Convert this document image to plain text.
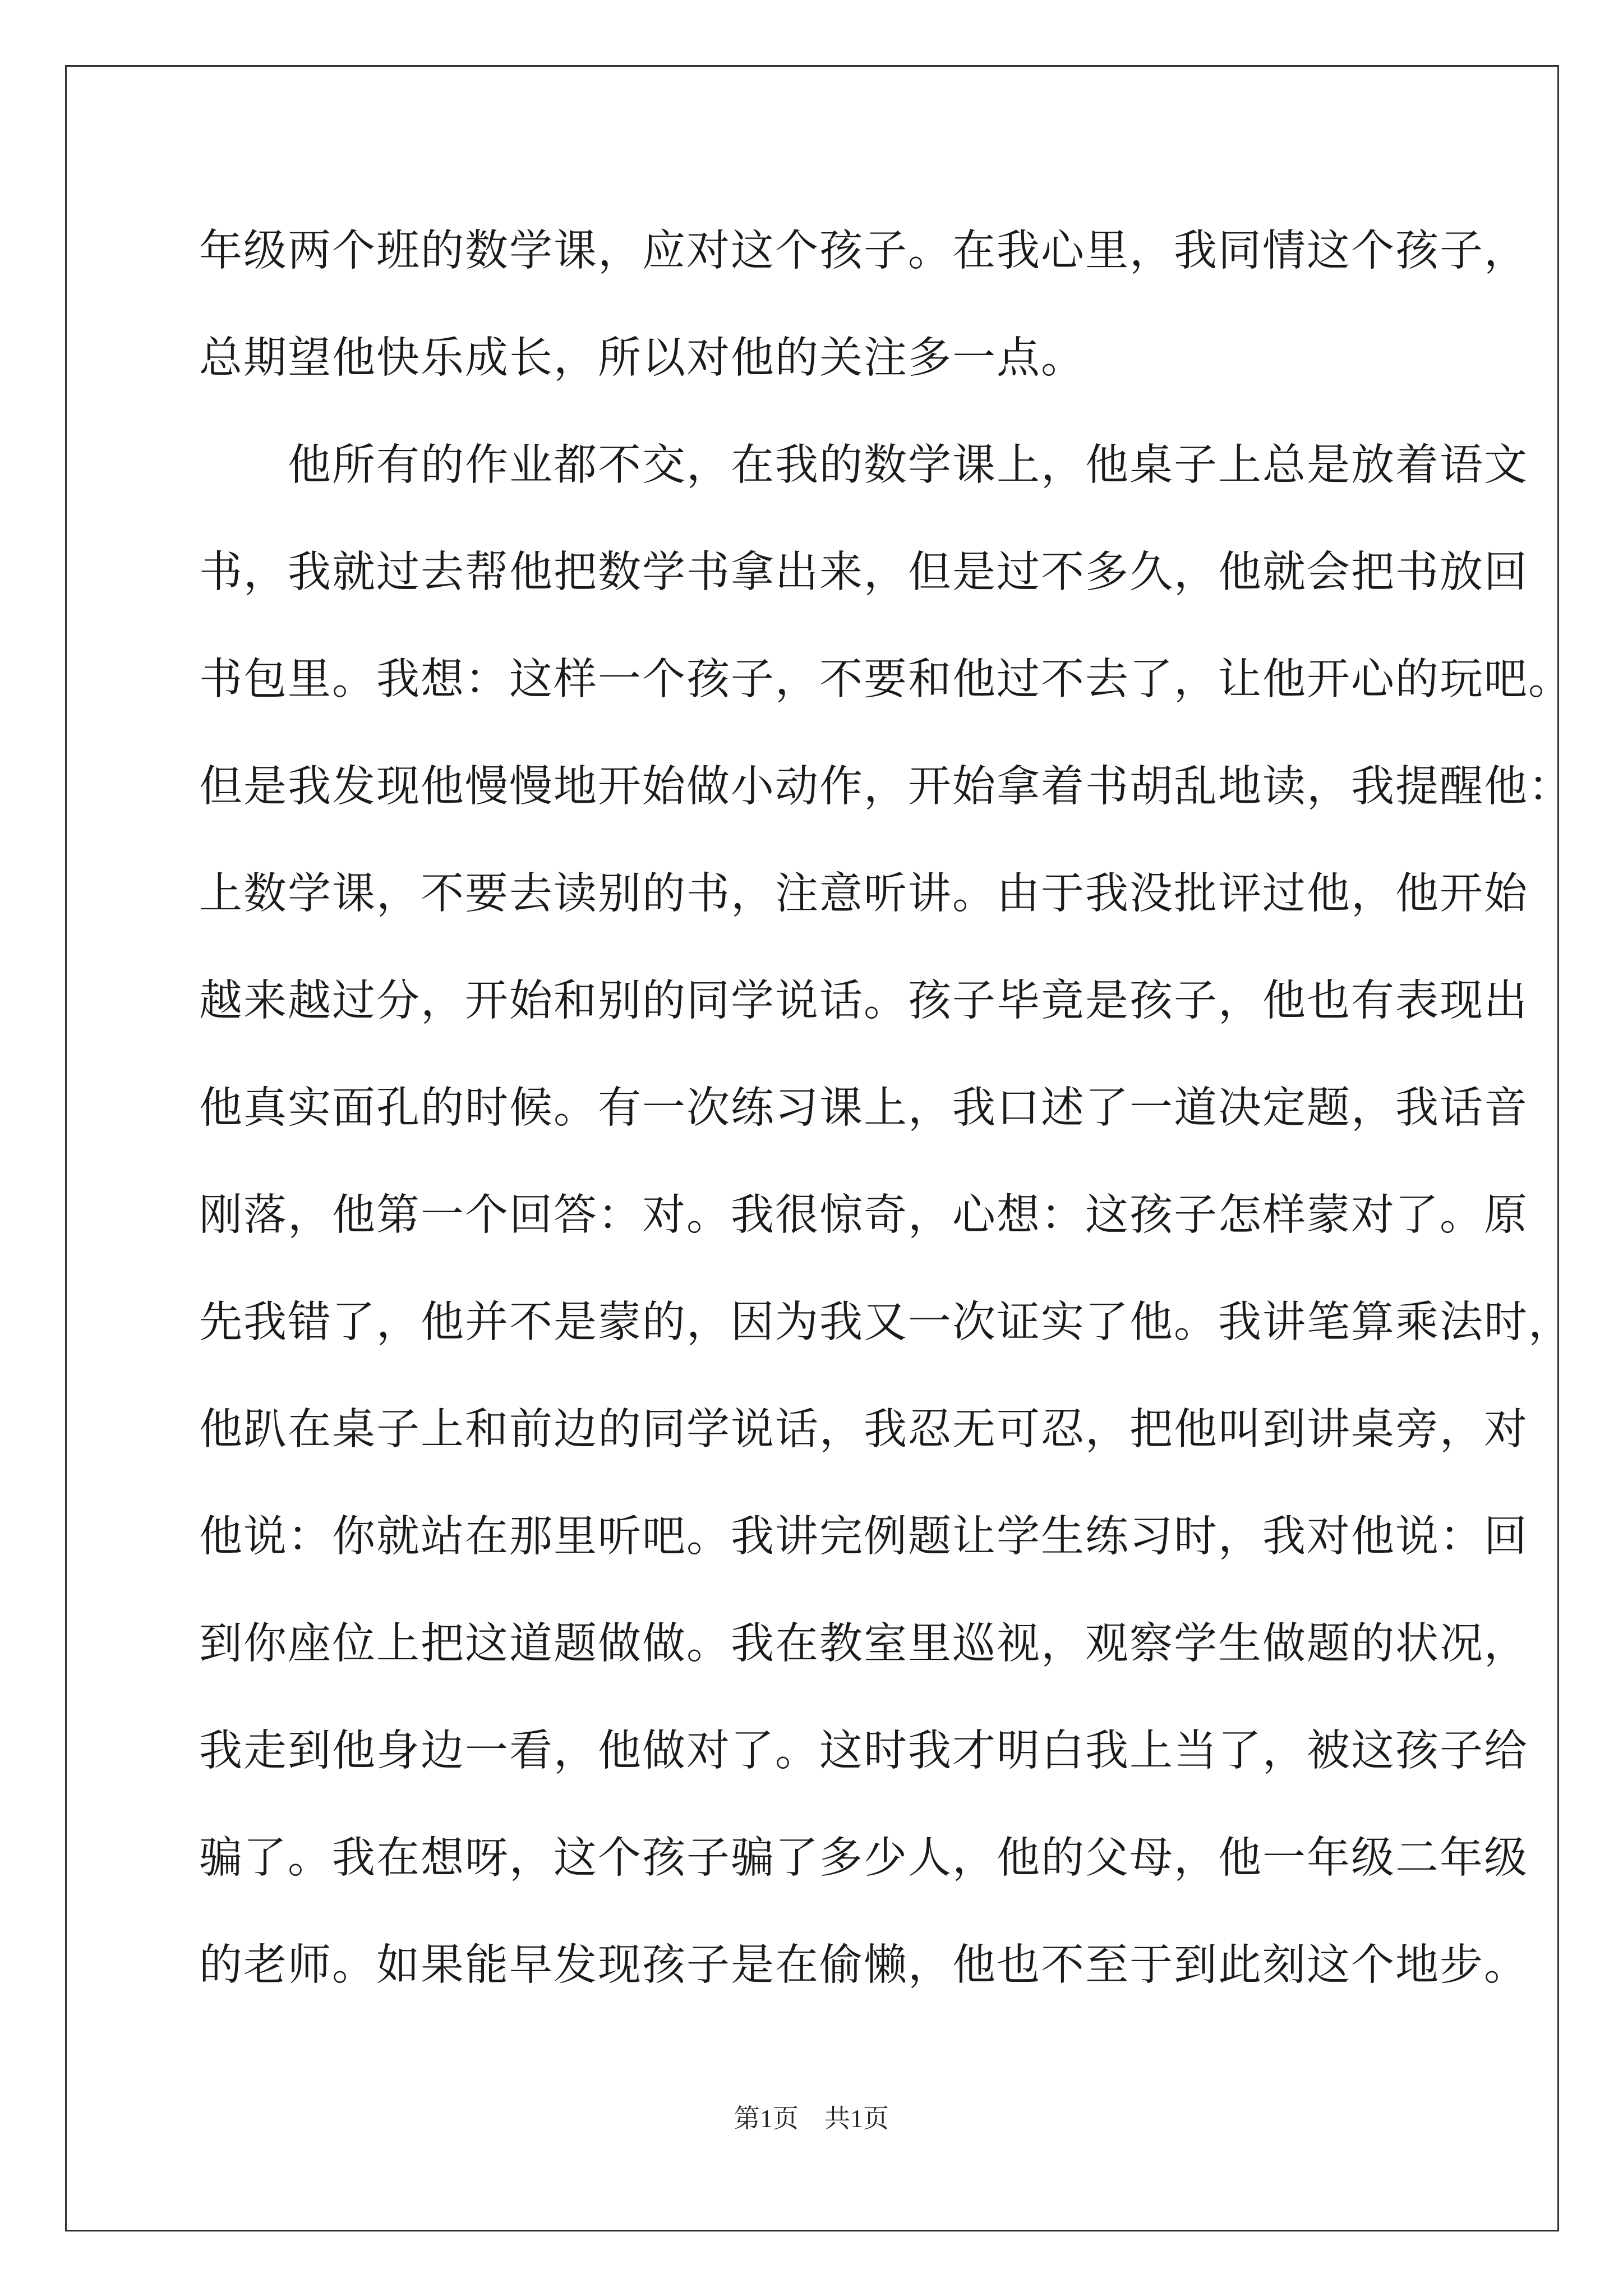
年级两个班的数学课，应对这个孩子。在我心里，我同情这个孩子，
总期望他快乐成长，所以对他的关注多一点。
　　他所有的作业都不交，在我的数学课上，他桌子上总是放着语文
书，我就过去帮他把数学书拿出来，但是过不多久，他就会把书放回
书包里。我想：这样一个孩子，不要和他过不去了，让他开心的玩吧。
但是我发现他慢慢地开始做小动作，开始拿着书胡乱地读，我提醒他：
上数学课，不要去读别的书，注意听讲。由于我没批评过他，他开始
越来越过分，开始和别的同学说话。孩子毕竟是孩子，他也有表现出
他真实面孔的时候。有一次练习课上，我口述了一道决定题，我话音
刚落，他第一个回答：对。我很惊奇，心想：这孩子怎样蒙对了。原
先我错了，他并不是蒙的，因为我又一次证实了他。我讲笔算乘法时，
他趴在桌子上和前边的同学说话，我忍无可忍，把他叫到讲桌旁，对
他说：你就站在那里听吧。我讲完例题让学生练习时，我对他说：回
到你座位上把这道题做做。我在教室里巡视，观察学生做题的状况，
我走到他身边一看，他做对了。这时我才明白我上当了，被这孩子给
骗了。我在想呀，这个孩子骗了多少人，他的父母，他一年级二年级
的老师。如果能早发现孩子是在偷懒，他也不至于到此刻这个地步。
第1页　共1页
